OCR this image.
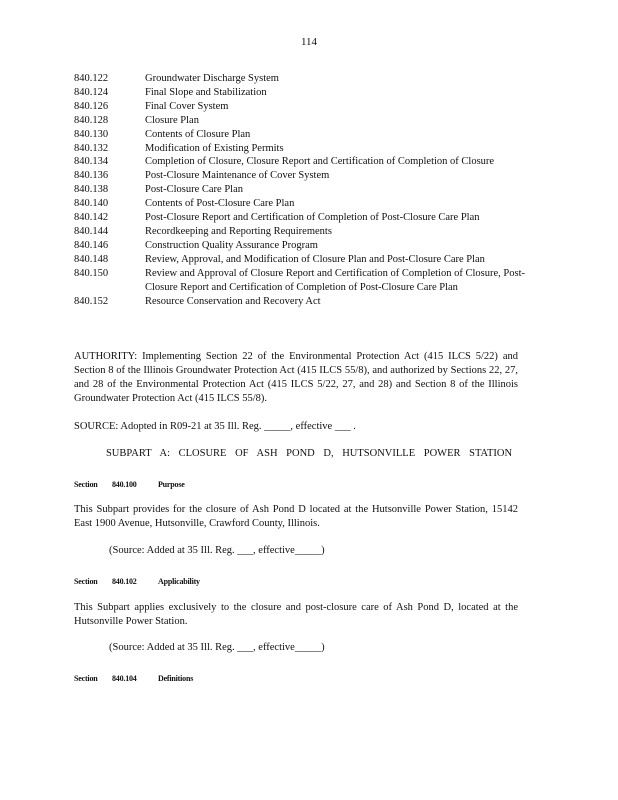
114
840.122	Groundwater Discharge System
840.124	Final Slope and Stabilization
840.126	Final Cover System
840.128	Closure Plan
840.130	Contents of Closure Plan
840.132	Modification of Existing Permits
840.134	Completion of Closure, Closure Report and Certification of Completion of Closure
840.136	Post-Closure Maintenance of Cover System
840.138	Post-Closure Care Plan
840.140	Contents of Post-Closure Care Plan
840.142	Post-Closure Report and Certification of Completion of Post-Closure Care Plan
840.144	Recordkeeping and Reporting Requirements
840.146	Construction Quality Assurance Program
840.148	Review, Approval, and Modification of Closure Plan and Post-Closure Care Plan
840.150	Review and Approval of Closure Report and Certification of Completion of Closure, Post-Closure Report and Certification of Completion of Post-Closure Care Plan
840.152	Resource Conservation and Recovery Act
AUTHORITY: Implementing Section 22 of the Environmental Protection Act (415 ILCS 5/22) and Section 8 of the Illinois Groundwater Protection Act (415 ILCS 55/8), and authorized by Sections 22, 27, and 28 of the Environmental Protection Act (415 ILCS 5/22, 27, and 28) and Section 8 of the Illinois Groundwater Protection Act (415 ILCS 55/8).
SOURCE: Adopted in R09-21 at 35 Ill. Reg. _____, effective ___ .
SUBPART A: CLOSURE OF ASH POND D, HUTSONVILLE POWER STATION
Section 840.100	Purpose
This Subpart provides for the closure of Ash Pond D located at the Hutsonville Power Station, 15142 East 1900 Avenue, Hutsonville, Crawford County, Illinois.
(Source: Added at 35 Ill. Reg. ___, effective_____)
Section 840.102	Applicability
This Subpart applies exclusively to the closure and post-closure care of Ash Pond D, located at the Hutsonville Power Station.
(Source: Added at 35 Ill. Reg. ___, effective_____)
Section 840.104	Definitions
